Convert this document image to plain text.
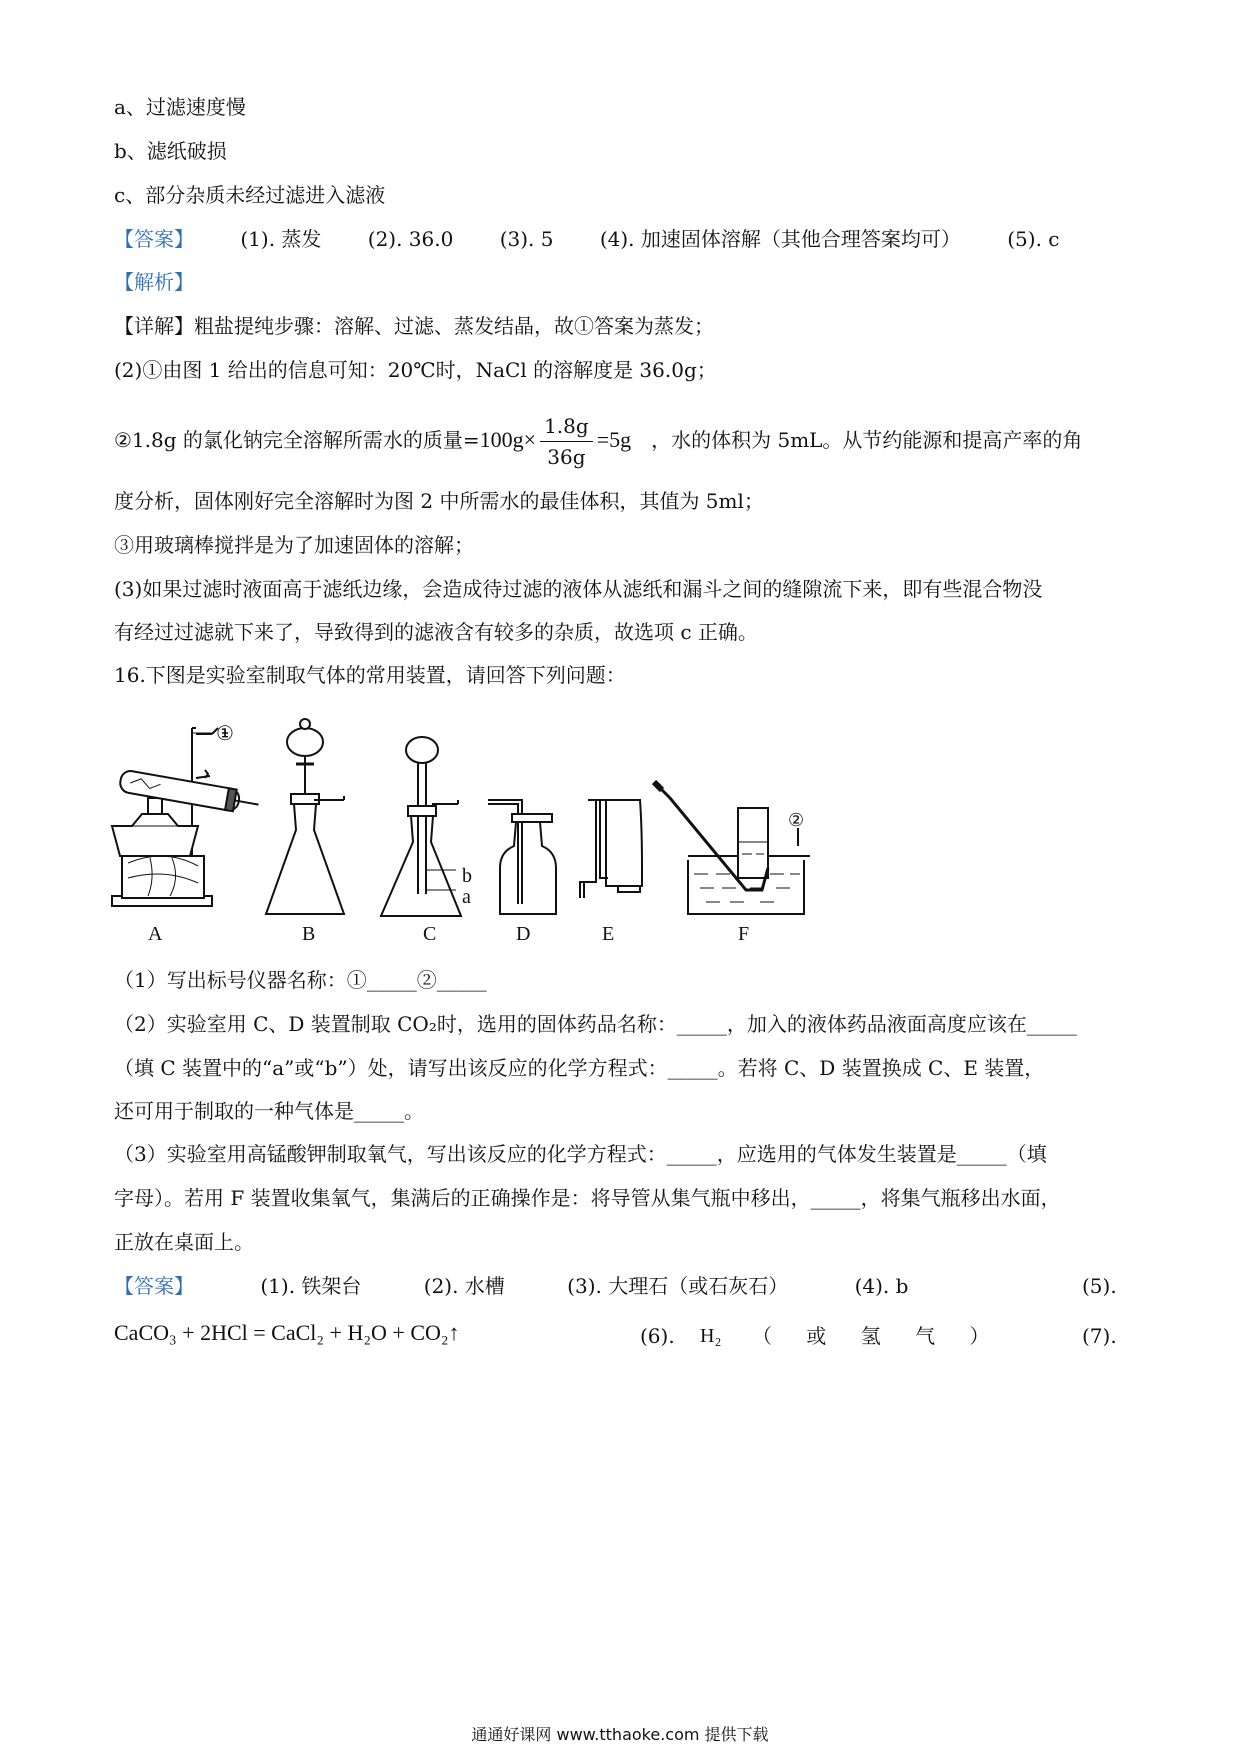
a、过滤速度慢
b、滤纸破损
c、部分杂质未经过滤进入滤液
【答案】 (1). 蒸发 (2). 36.0 (3). 5 (4). 加速固体溶解（其他合理答案均可） (5). c
【解析】
【详解】粗盐提纯步骤：溶解、过滤、蒸发结晶，故①答案为蒸发；
(2)①由图 1 给出的信息可知：20℃时，NaCl 的溶解度是 36.0g；
②1.8g 的氯化钠完全溶解所需水的质量$=100g\times \frac{1.8g}{36g} =5g$ ，水的体积为 5mL。从节约能源和提高产率的角
度分析，固体刚好完全溶解时为图 2 中所需水的最佳体积，其值为 5ml；
③用玻璃棒搅拌是为了加速固体的溶解；
(3)如果过滤时液面高于滤纸边缘，会造成待过滤的液体从滤纸和漏斗之间的缝隙流下来，即有些混合物没
有经过过滤就下来了，导致得到的滤液含有较多的杂质，故选项 c 正确。
16.下图是实验室制取气体的常用装置，请回答下列问题：
b
a
②
①
A	B	C	D	E	F
（1）写出标号仪器名称：①_____②_____
（2）实验室用 C、D 装置制取 CO₂时，选用的固体药品名称：_____，加入的液体药品液面高度应该在_____
（填 C 装置中的“a”或“b”）处，请写出该反应的化学方程式：_____。若将 C、D 装置换成 C、E 装置，
还可用于制取的一种气体是_____。
（3）实验室用高锰酸钾制取氧气，写出该反应的化学方程式：_____，应选用的气体发生装置是_____（填
字母）。若用 F 装置收集氧气，集满后的正确操作是：将导管从集气瓶中移出，_____，将集气瓶移出水面，
正放在桌面上。
【答案】	(1). 铁架台	(2). 水槽	(3). 大理石（或石灰石）	(4). b	(5).
CaCO₃ + 2HCl = CaCl₂ + H₂O + CO₂↑	(6). H₂ （ 或 氢 气 ）	(7).
通通好课网 www.tthaoke.com 提供下载
